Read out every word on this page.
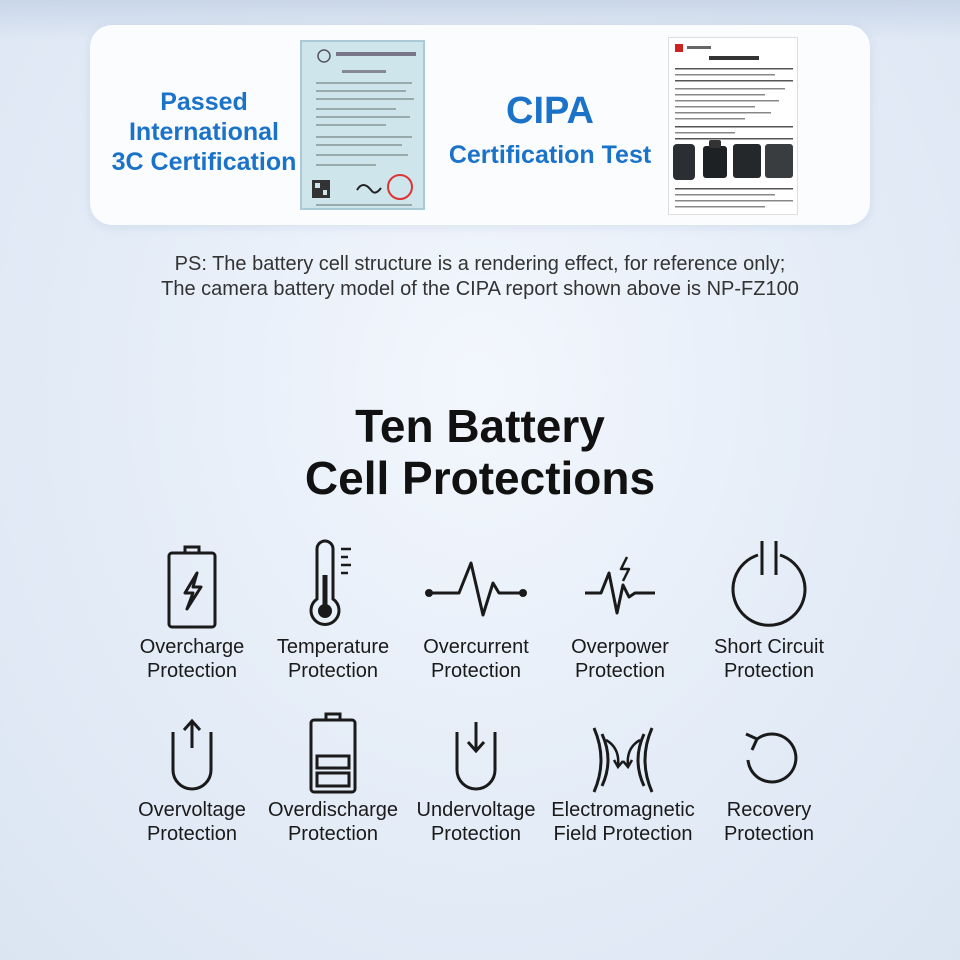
Passed
International
3C Certification
CIPA
Certification Test
PS: The battery cell structure is a rendering effect, for reference only;
The camera battery model of the CIPA report shown above is NP-FZ100
Ten Battery
Cell Protections
Overcharge
Protection
Temperature
Protection
Overcurrent
Protection
Overpower
Protection
Short Circuit
Protection
Overvoltage
Protection
Overdischarge
Protection
Undervoltage
Protection
Electromagnetic
Field Protection
Recovery
Protection
